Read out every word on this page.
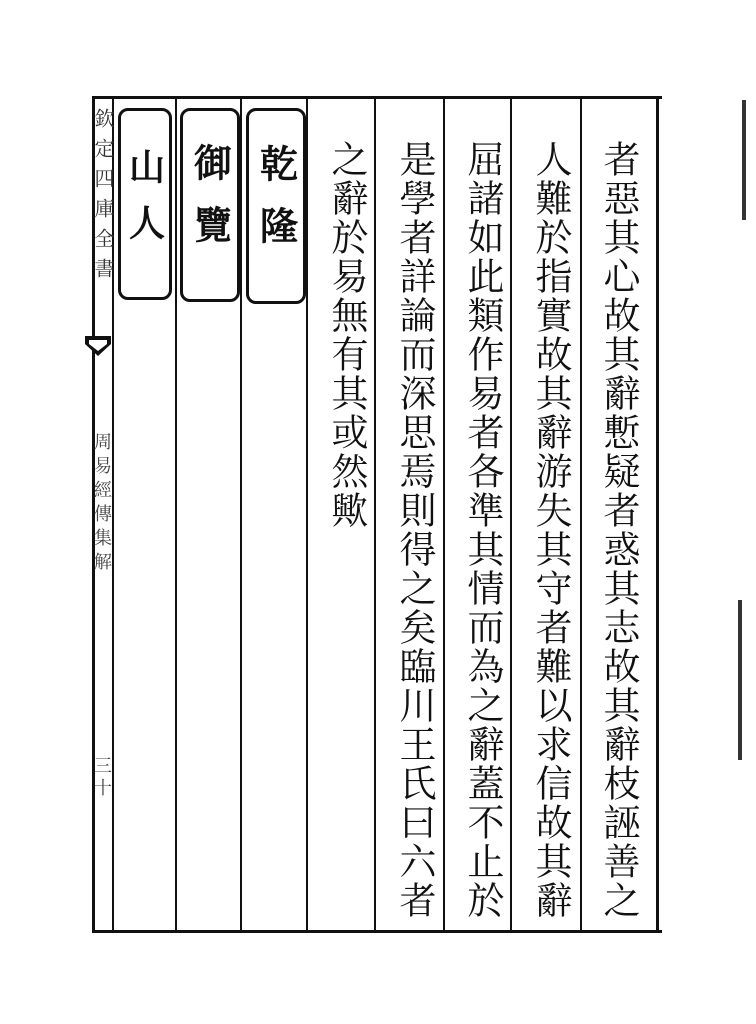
者惡其心故其辭慙疑者惑其志故其辭枝誣善之
人難於指實故其辭游失其守者難以求信故其辭
屈諸如此類作易者各準其情而為之辭蓋不止於
是學者詳論而深思焉則得之矣臨川王氏曰六者
之辭於易無有其或然歟
欽定四庫全書
周易經傳集解
三十
山人 御覽 乾隆
